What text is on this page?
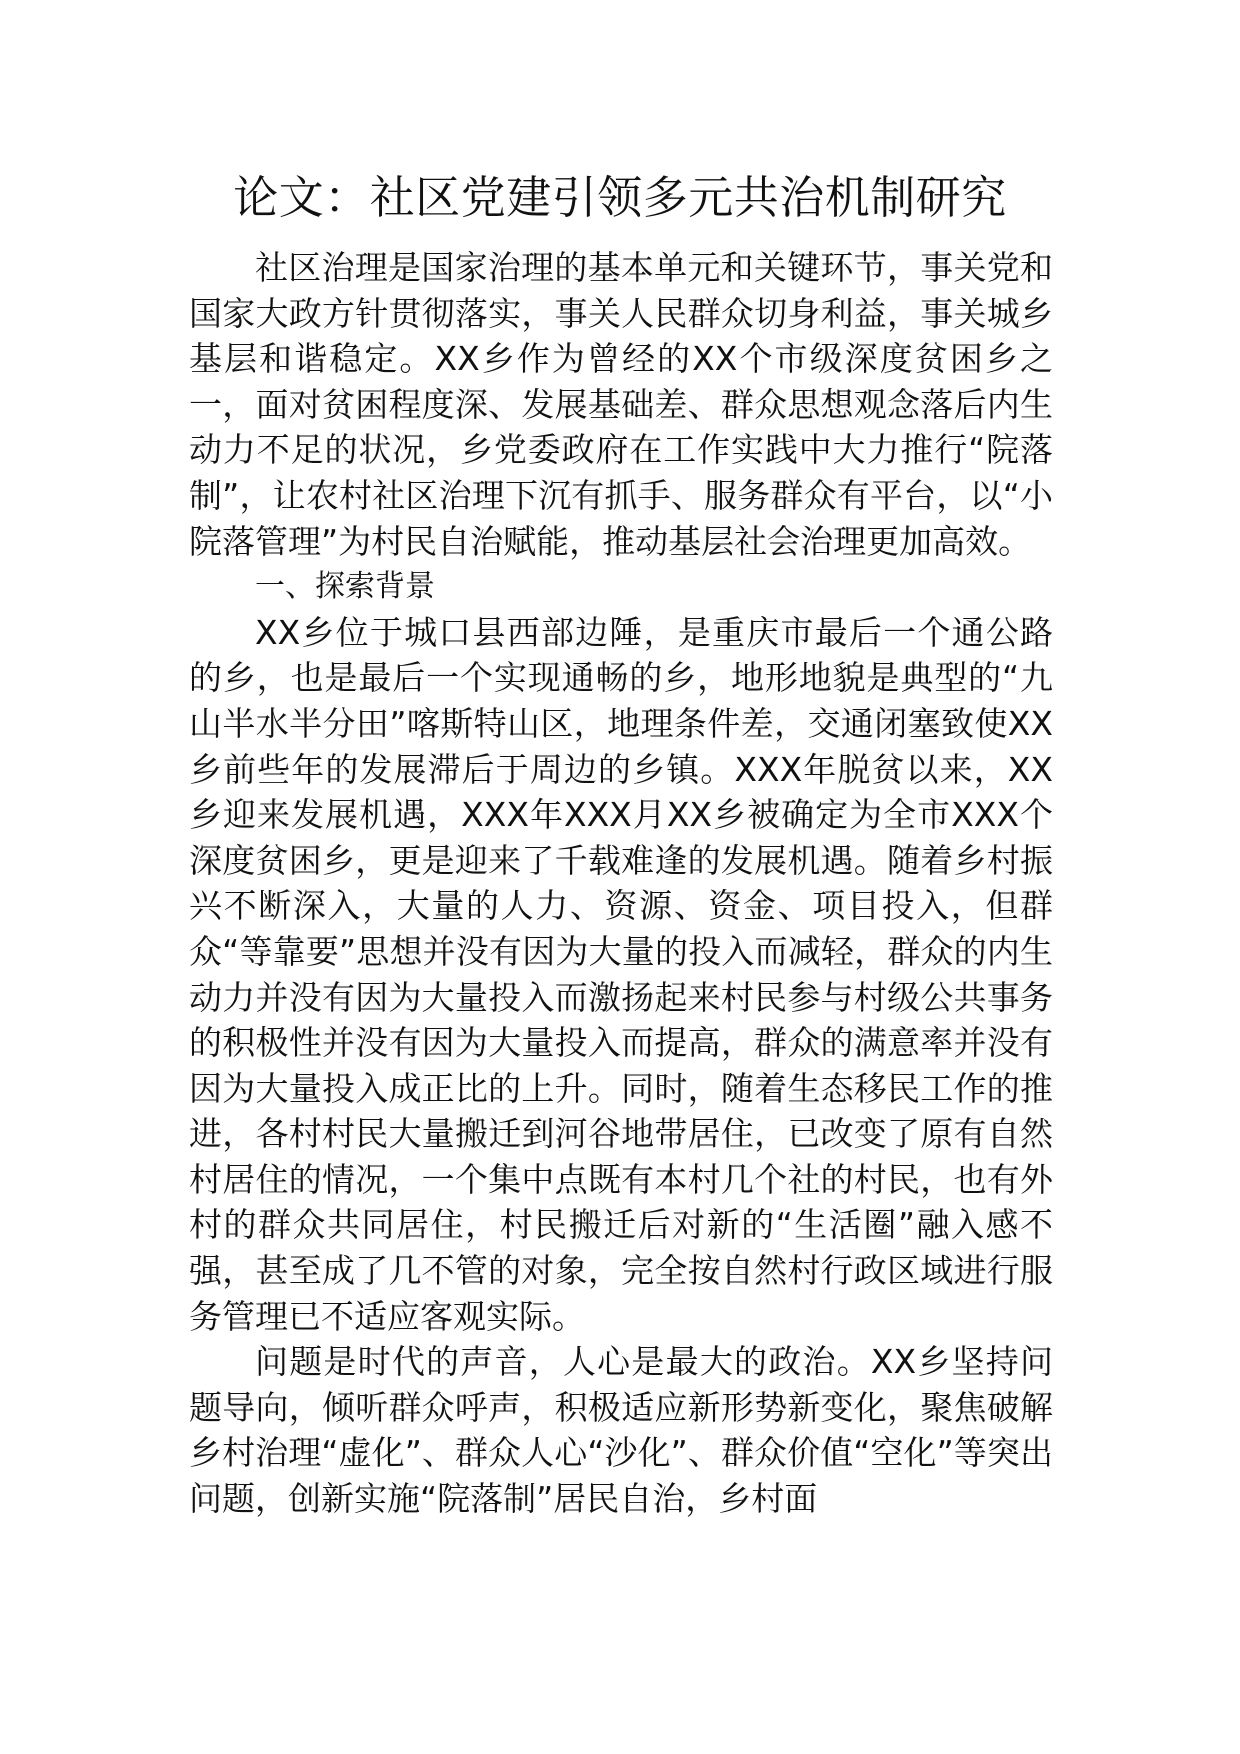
论文：社区党建引领多元共治机制研究

社区治理是国家治理的基本单元和关键环节，事关党和国家大政方针贯彻落实，事关人民群众切身利益，事关城乡基层和谐稳定。XX乡作为曾经的XX个市级深度贫困乡之一，面对贫困程度深、发展基础差、群众思想观念落后内生动力不足的状况，乡党委政府在工作实践中大力推行“院落制”，让农村社区治理下沉有抓手、服务群众有平台，以“小院落管理”为村民自治赋能，推动基层社会治理更加高效。

一、探索背景

XX乡位于城口县西部边陲，是重庆市最后一个通公路的乡，也是最后一个实现通畅的乡，地形地貌是典型的“九山半水半分田”喀斯特山区，地理条件差，交通闭塞致使XX乡前些年的发展滞后于周边的乡镇。XXX年脱贫以来，XX乡迎来发展机遇，XXX年XXX月XX乡被确定为全市XXX个深度贫困乡，更是迎来了千载难逢的发展机遇。随着乡村振兴不断深入，大量的人力、资源、资金、项目投入，但群众“等靠要”思想并没有因为大量的投入而减轻，群众的内生动力并没有因为大量投入而激扬起来村民参与村级公共事务的积极性并没有因为大量投入而提高，群众的满意率并没有因为大量投入成正比的上升。同时，随着生态移民工作的推进，各村村民大量搬迁到河谷地带居住，已改变了原有自然村居住的情况，一个集中点既有本村几个社的村民，也有外村的群众共同居住，村民搬迁后对新的“生活圈”融入感不强，甚至成了几不管的对象，完全按自然村行政区域进行服务管理已不适应客观实际。

问题是时代的声音，人心是最大的政治。XX乡坚持问题导向，倾听群众呼声，积极适应新形势新变化，聚焦破解乡村治理“虚化”、群众人心“沙化”、群众价值“空化”等突出问题，创新实施“院落制”居民自治，乡村面
